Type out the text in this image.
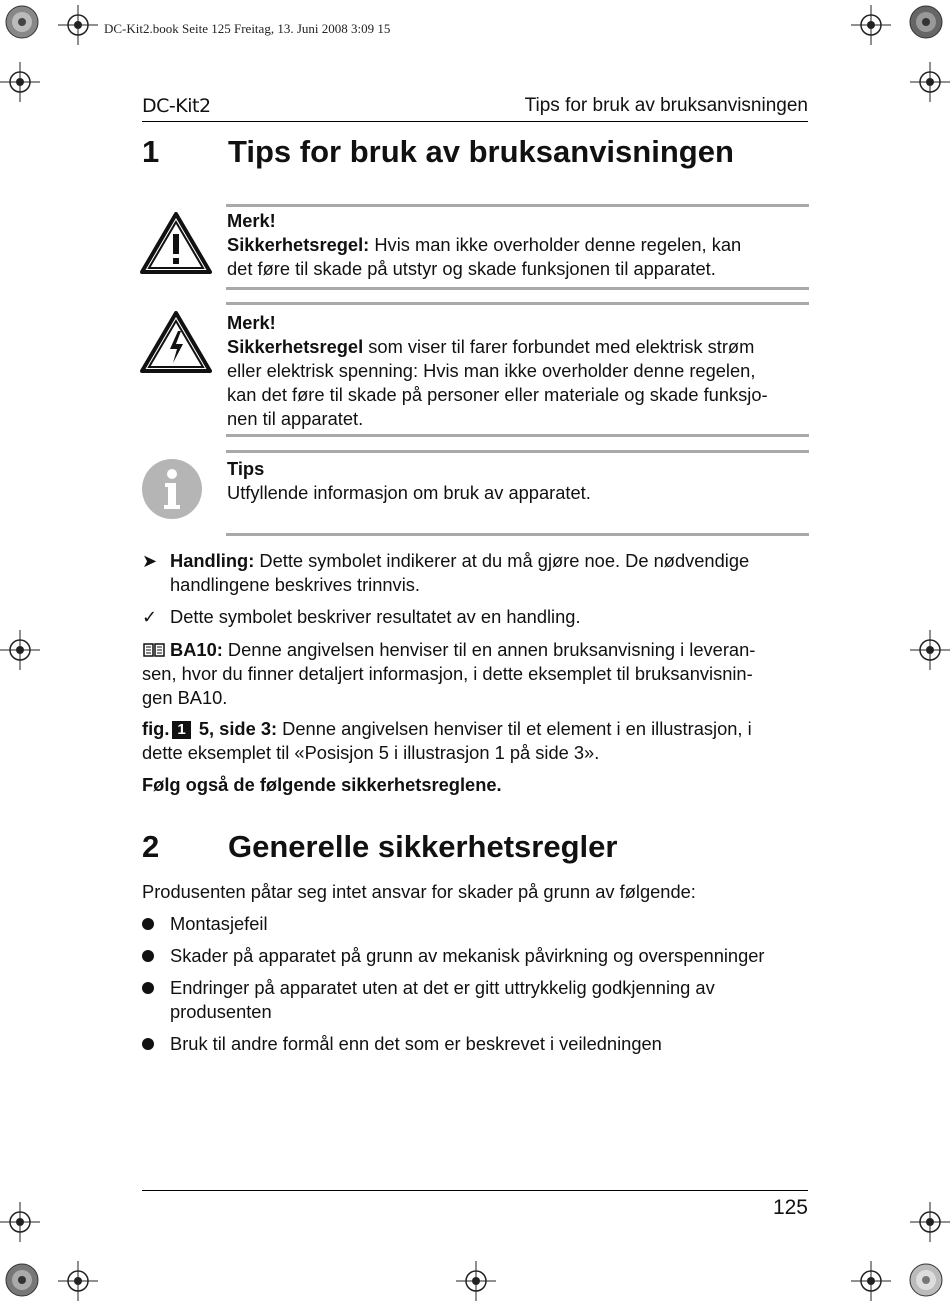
DC-Kit2.book Seite 125 Freitag, 13. Juni 2008 3:09 15
DC-Kit2	Tips for bruk av bruksanvisningen
1 Tips for bruk av bruksanvisningen
Merk!
Sikkerhetsregel: Hvis man ikke overholder denne regelen, kan
det føre til skade på utstyr og skade funksjonen til apparatet.
Merk!
Sikkerhetsregel som viser til farer forbundet med elektrisk strøm
eller elektrisk spenning: Hvis man ikke overholder denne regelen,
kan det føre til skade på personer eller materiale og skade funksjo-
nen til apparatet.
Tips
Utfyllende informasjon om bruk av apparatet.
➤ Handling: Dette symbolet indikerer at du må gjøre noe. De nødvendige
handlingene beskrives trinnvis.
✓ Dette symbolet beskriver resultatet av en handling.
BA10: Denne angivelsen henviser til en annen bruksanvisning i leveran-
sen, hvor du finner detaljert informasjon, i dette eksemplet til bruksanvisnin-
gen BA10.
fig. 1 5, side 3: Denne angivelsen henviser til et element i en illustrasjon, i
dette eksemplet til «Posisjon 5 i illustrasjon 1 på side 3».
Følg også de følgende sikkerhetsreglene.
2 Generelle sikkerhetsregler
Produsenten påtar seg intet ansvar for skader på grunn av følgende:
Montasjefeil
Skader på apparatet på grunn av mekanisk påvirkning og overspenninger
Endringer på apparatet uten at det er gitt uttrykkelig godkjenning av
produsenten
Bruk til andre formål enn det som er beskrevet i veiledningen
125
